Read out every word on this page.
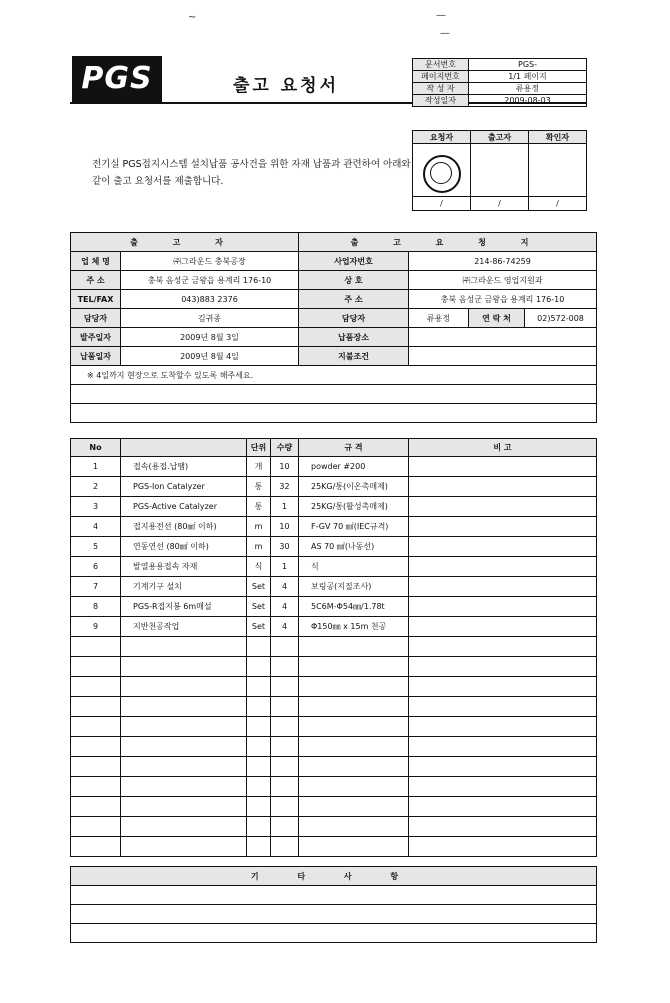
~	—
—
PGS	출고 요청서
문서번호	PGS-
페이지번호	1/1 페이지
작 성 자	류용정
작성일자	2009-08-03
요청자	출고자	확인자

/	/	/
전기실 PGS접지시스템 설치납품 공사건을 위한 자재 납품과 관련하여 아래와 같이 출고 요청서를 제출합니다.
출 고 자		출 고 요 청 지			
업 체 명	㈜그라운드 충북공장	사업자번호	214-86-74259		
주 소	충북 음성군 금왕읍 용계리 176-10	상 호	㈜그라운드 영업지원과		
TEL/FAX	043)883 2376	주 소	충북 음성군 금왕읍 용계리 176-10		
담당자	김귀종	담당자	류용정	연 락 처	02)572-008
발주일자	2009년 8월 3일	납품장소			
납품일자	2009년 8월 4일	지불조건			
※ 4일까지 현장으로 도착할수 있도록 해주세요.					

No		단위	수량	규 격	비 고
1	접속(용접.납땜)	개	10	powder #200	
2	PGS-Ion Catalyzer	통	32	25KG/통(이온촉매제)	
3	PGS-Active Catalyzer	통	1	25KG/통(활성촉매제)	
4	접지용전선 (80㎟ 이하)	m	10	F-GV 70 ㎟(IEC규격)	
5	연동연선 (80㎟ 이하)	m	30	AS 70 ㎟(나동선)	
6	발열용용접속 자재	식	1	식	
7	기계기구 설치	Set	4	보링공(지질조사)	
8	PGS-R접지봉 6m매설	Set	4	5C6M-Φ54㎜/1.78t	
9	지반천공작업	Set	4	Φ150㎜ x 15m 천공	

기 타 사 항
